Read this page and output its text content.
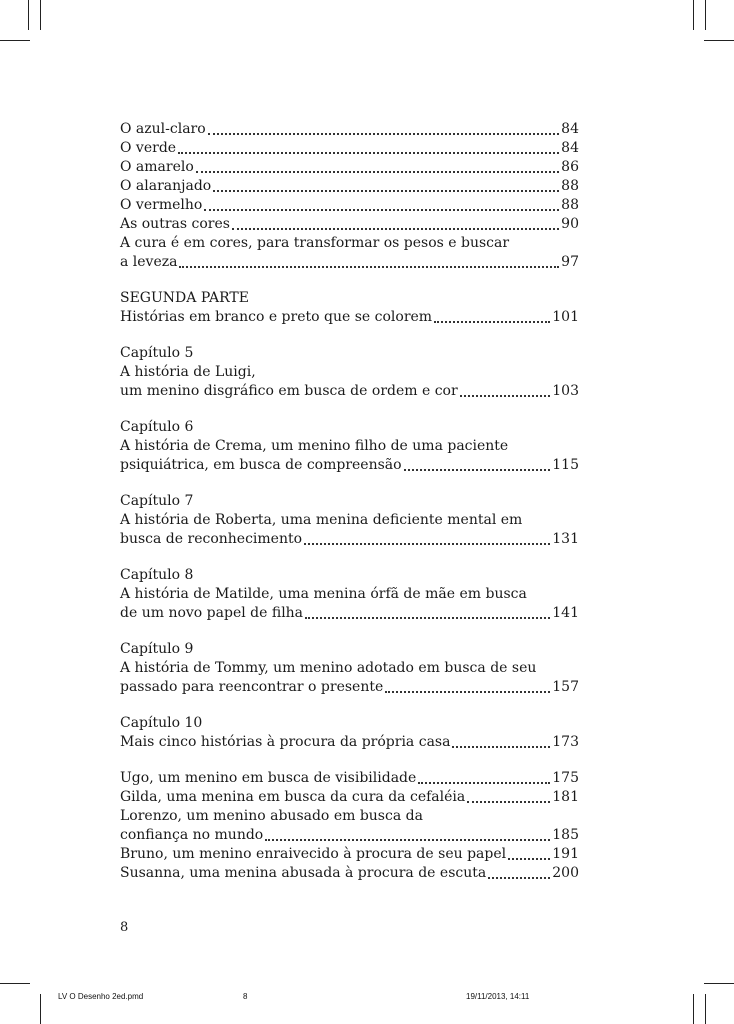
O azul-claro	84
O verde	84
O amarelo	86
O alaranjado	88
O vermelho	88
As outras cores	90
A cura é em cores, para transformar os pesos e buscar
a leveza	97
SEGUNDA PARTE
Histórias em branco e preto que se colorem	101
Capítulo 5
A história de Luigi,
um menino disgráfico em busca de ordem e cor	103
Capítulo 6
A história de Crema, um menino filho de uma paciente
psiquiátrica, em busca de compreensão	115
Capítulo 7
A história de Roberta, uma menina deficiente mental em
busca de reconhecimento	131
Capítulo 8
A história de Matilde, uma menina órfã de mãe em busca
de um novo papel de filha	141
Capítulo 9
A história de Tommy, um menino adotado em busca de seu
passado para reencontrar o presente	157
Capítulo 10
Mais cinco histórias à procura da própria casa	173
Ugo, um menino em busca de visibilidade	175
Gilda, uma menina em busca da cura da cefaléia	181
Lorenzo, um menino abusado em busca da
confiança no mundo	185
Bruno, um menino enraivecido à procura de seu papel	191
Susanna, uma menina abusada à procura de escuta	200
8
LV O Desenho 2ed.pmd	8	19/11/2013, 14:11
